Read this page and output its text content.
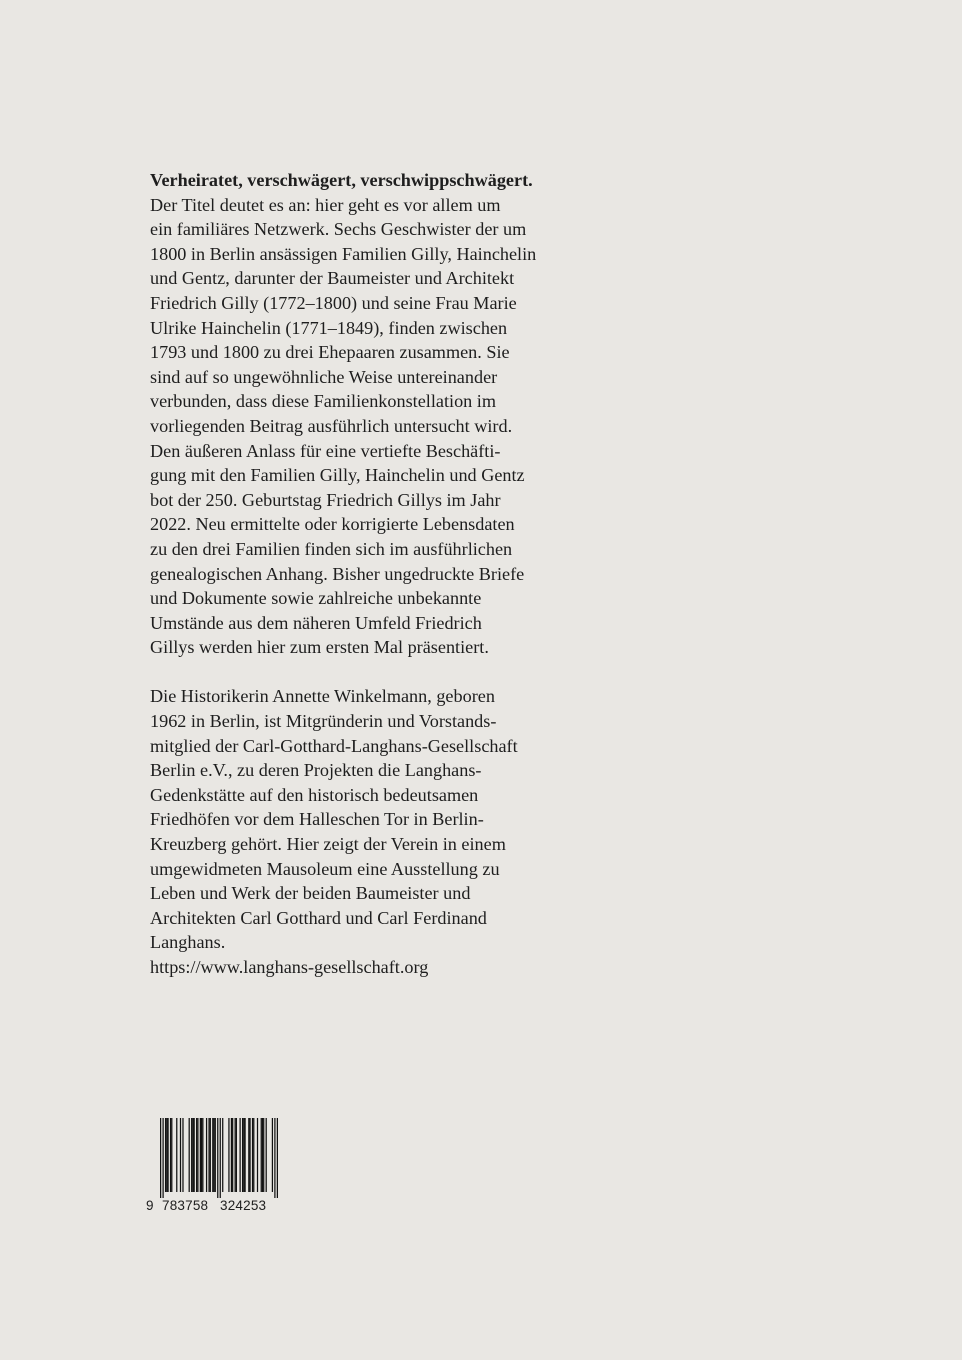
Verheiratet, verschwägert, verschwippschwägert.
Der Titel deutet es an: hier geht es vor allem um
ein familiäres Netzwerk. Sechs Geschwister der um
1800 in Berlin ansässigen Familien Gilly, Hainchelin
und Gentz, darunter der Baumeister und Architekt
Friedrich Gilly (1772–1800) und seine Frau Marie
Ulrike Hainchelin (1771–1849), finden zwischen
1793 und 1800 zu drei Ehepaaren zusammen. Sie
sind auf so ungewöhnliche Weise untereinander
verbunden, dass diese Familienkonstellation im
vorliegenden Beitrag ausführlich untersucht wird.
Den äußeren Anlass für eine vertiefte Beschäfti-
gung mit den Familien Gilly, Hainchelin und Gentz
bot der 250. Geburtstag Friedrich Gillys im Jahr
2022. Neu ermittelte oder korrigierte Lebensdaten
zu den drei Familien finden sich im ausführlichen
genealogischen Anhang. Bisher ungedruckte Briefe
und Dokumente sowie zahlreiche unbekannte
Umstände aus dem näheren Umfeld Friedrich
Gillys werden hier zum ersten Mal präsentiert.
Die Historikerin Annette Winkelmann, geboren
1962 in Berlin, ist Mitgründerin und Vorstands-
mitglied der Carl-Gotthard-Langhans-Gesellschaft
Berlin e.V., zu deren Projekten die Langhans-
Gedenkstätte auf den historisch bedeutsamen
Friedhöfen vor dem Halleschen Tor in Berlin-
Kreuzberg gehört. Hier zeigt der Verein in einem
umgewidmeten Mausoleum eine Ausstellung zu
Leben und Werk der beiden Baumeister und
Architekten Carl Gotthard und Carl Ferdinand
Langhans.
https://www.langhans-gesellschaft.org
9 783758 324253
